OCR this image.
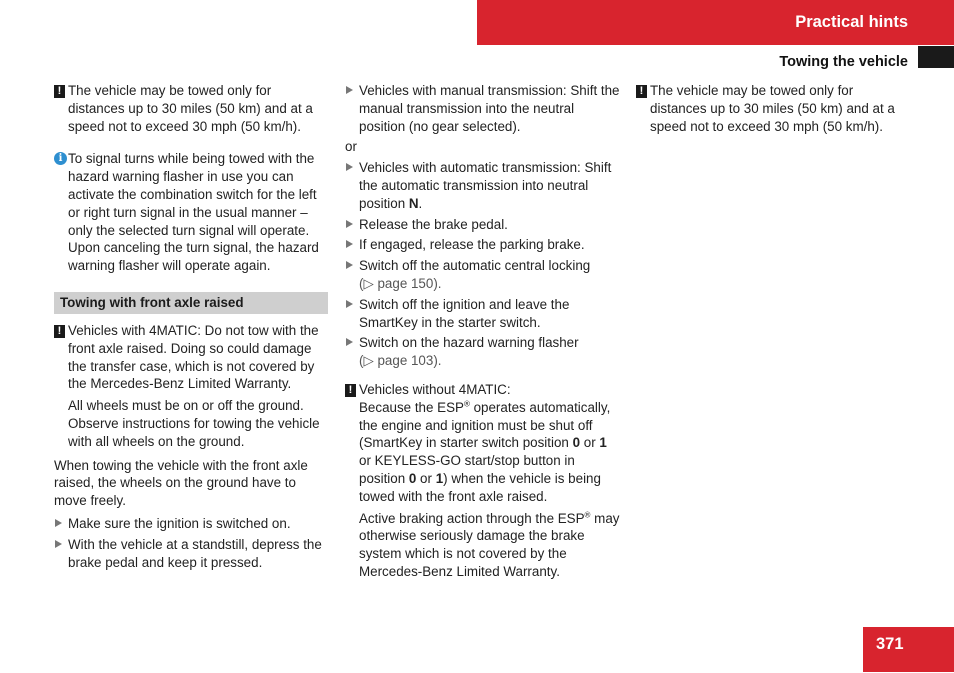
Practical hints
Towing the vehicle

! The vehicle may be towed only for distances up to 30 miles (50 km) and at a speed not to exceed 30 mph (50 km/h).

i To signal turns while being towed with the hazard warning flasher in use you can activate the combination switch for the left or right turn signal in the usual manner – only the selected turn signal will operate. Upon canceling the turn signal, the hazard warning flasher will operate again.

Towing with front axle raised

! Vehicles with 4MATIC: Do not tow with the front axle raised. Doing so could damage the transfer case, which is not covered by the Mercedes-Benz Limited Warranty.

All wheels must be on or off the ground. Observe instructions for towing the vehicle with all wheels on the ground.

When towing the vehicle with the front axle raised, the wheels on the ground have to move freely.

Make sure the ignition is switched on.

With the vehicle at a standstill, depress the brake pedal and keep it pressed.

Vehicles with manual transmission: Shift the manual transmission into the neutral position (no gear selected).

or

Vehicles with automatic transmission: Shift the automatic transmission into neutral position N.

Release the brake pedal.

If engaged, release the parking brake.

Switch off the automatic central locking
(▷ page 150).

Switch off the ignition and leave the SmartKey in the starter switch.

Switch on the hazard warning flasher
(▷ page 103).

! Vehicles without 4MATIC:
Because the ESP® operates automatically, the engine and ignition must be shut off (SmartKey in starter switch position 0 or 1 or KEYLESS-GO start/stop button in position 0 or 1) when the vehicle is being towed with the front axle raised.

Active braking action through the ESP® may otherwise seriously damage the brake system which is not covered by the Mercedes-Benz Limited Warranty.

! The vehicle may be towed only for distances up to 30 miles (50 km) and at a speed not to exceed 30 mph (50 km/h).

371
